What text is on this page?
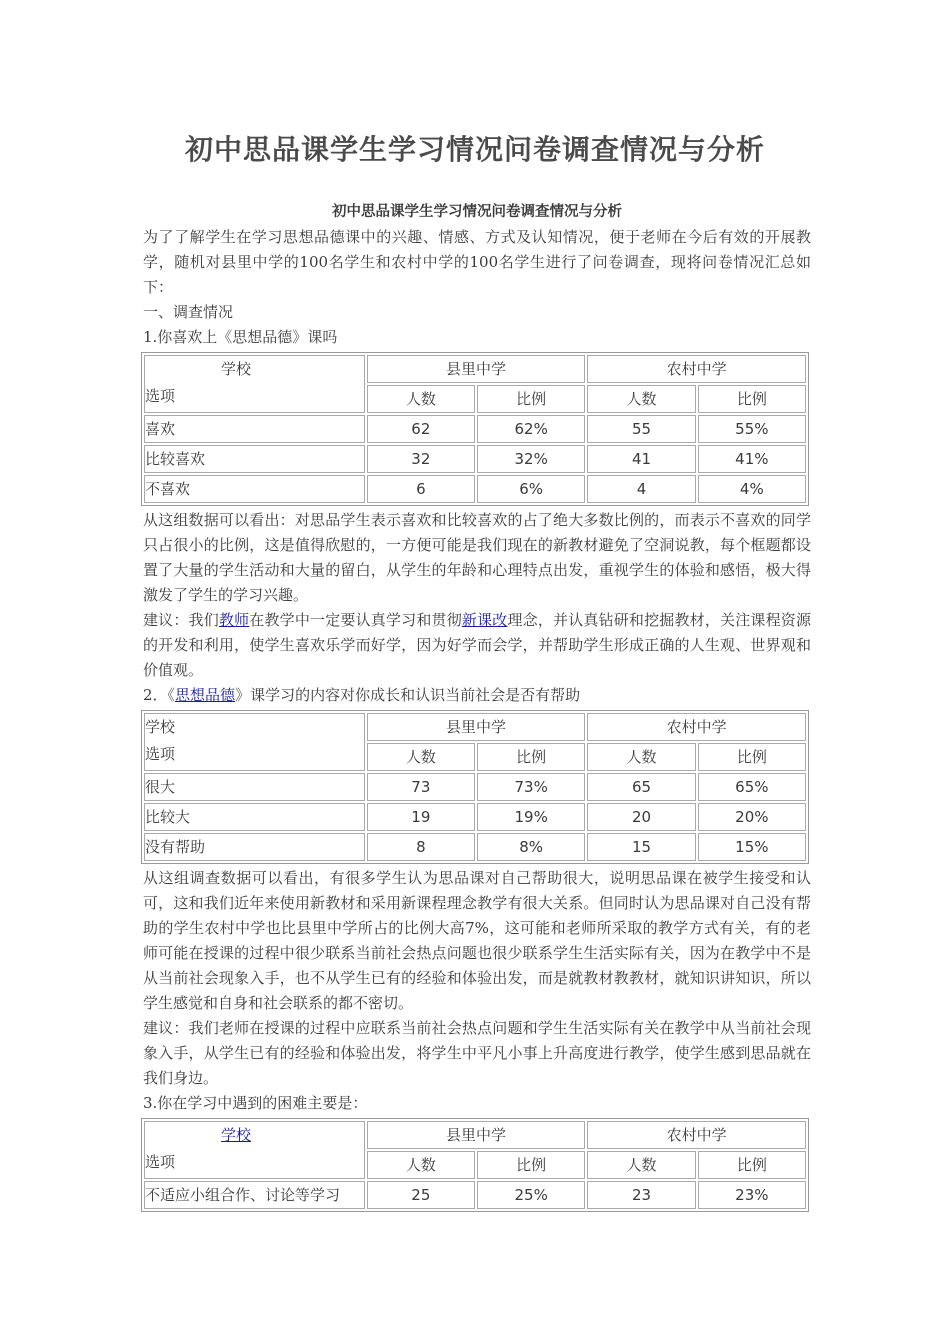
初中思品课学生学习情况问卷调查情况与分析
初中思品课学生学习情况问卷调查情况与分析

为了了解学生在学习思想品德课中的兴趣、情感、方式及认知情况，便于老师在今后有效的开展教学，随机对县里中学的100名学生和农村中学的100名学生进行了问卷调查，现将问卷情况汇总如下：

一、调查情况

1.你喜欢上《思想品德》课吗

学校
选项	县里中学		农村中学	
	人数	比例	人数	比例
喜欢	62	62%	55	55%
比较喜欢	32	32%	41	41%
不喜欢	6	6%	4	4%

从这组数据可以看出：对思品学生表示喜欢和比较喜欢的占了绝大多数比例的，而表示不喜欢的同学只占很小的比例，这是值得欣慰的，一方便可能是我们现在的新教材避免了空洞说教，每个框题都设置了大量的学生活动和大量的留白，从学生的年龄和心理特点出发，重视学生的体验和感悟，极大得激发了学生的学习兴趣。

建议：我们教师在教学中一定要认真学习和贯彻新课改理念，并认真钻研和挖掘教材，关注课程资源的开发和利用，使学生喜欢乐学而好学，因为好学而会学，并帮助学生形成正确的人生观、世界观和价值观。

2．《思想品德》课学习的内容对你成长和认识当前社会是否有帮助

学校
选项	县里中学		农村中学	
	人数	比例	人数	比例
很大	73	73%	65	65%
比较大	19	19%	20	20%
没有帮助	8	8%	15	15%

从这组调查数据可以看出，有很多学生认为思品课对自己帮助很大，说明思品课在被学生接受和认可，这和我们近年来使用新教材和采用新课程理念教学有很大关系。但同时认为思品课对自己没有帮助的学生农村中学也比县里中学所占的比例大高7%，这可能和老师所采取的教学方式有关，有的老师可能在授课的过程中很少联系当前社会热点问题也很少联系学生生活实际有关，因为在教学中不是从当前社会现象入手，也不从学生已有的经验和体验出发，而是就教材教教材，就知识讲知识，所以学生感觉和自身和社会联系的都不密切。

建议：我们老师在授课的过程中应联系当前社会热点问题和学生生活实际有关在教学中从当前社会现象入手，从学生已有的经验和体验出发，将学生中平凡小事上升高度进行教学，使学生感到思品就在我们身边。

3.你在学习中遇到的困难主要是：

学校
选项	县里中学		农村中学	
	人数	比例	人数	比例
不适应小组合作、讨论等学习	25	25%	23	23%
